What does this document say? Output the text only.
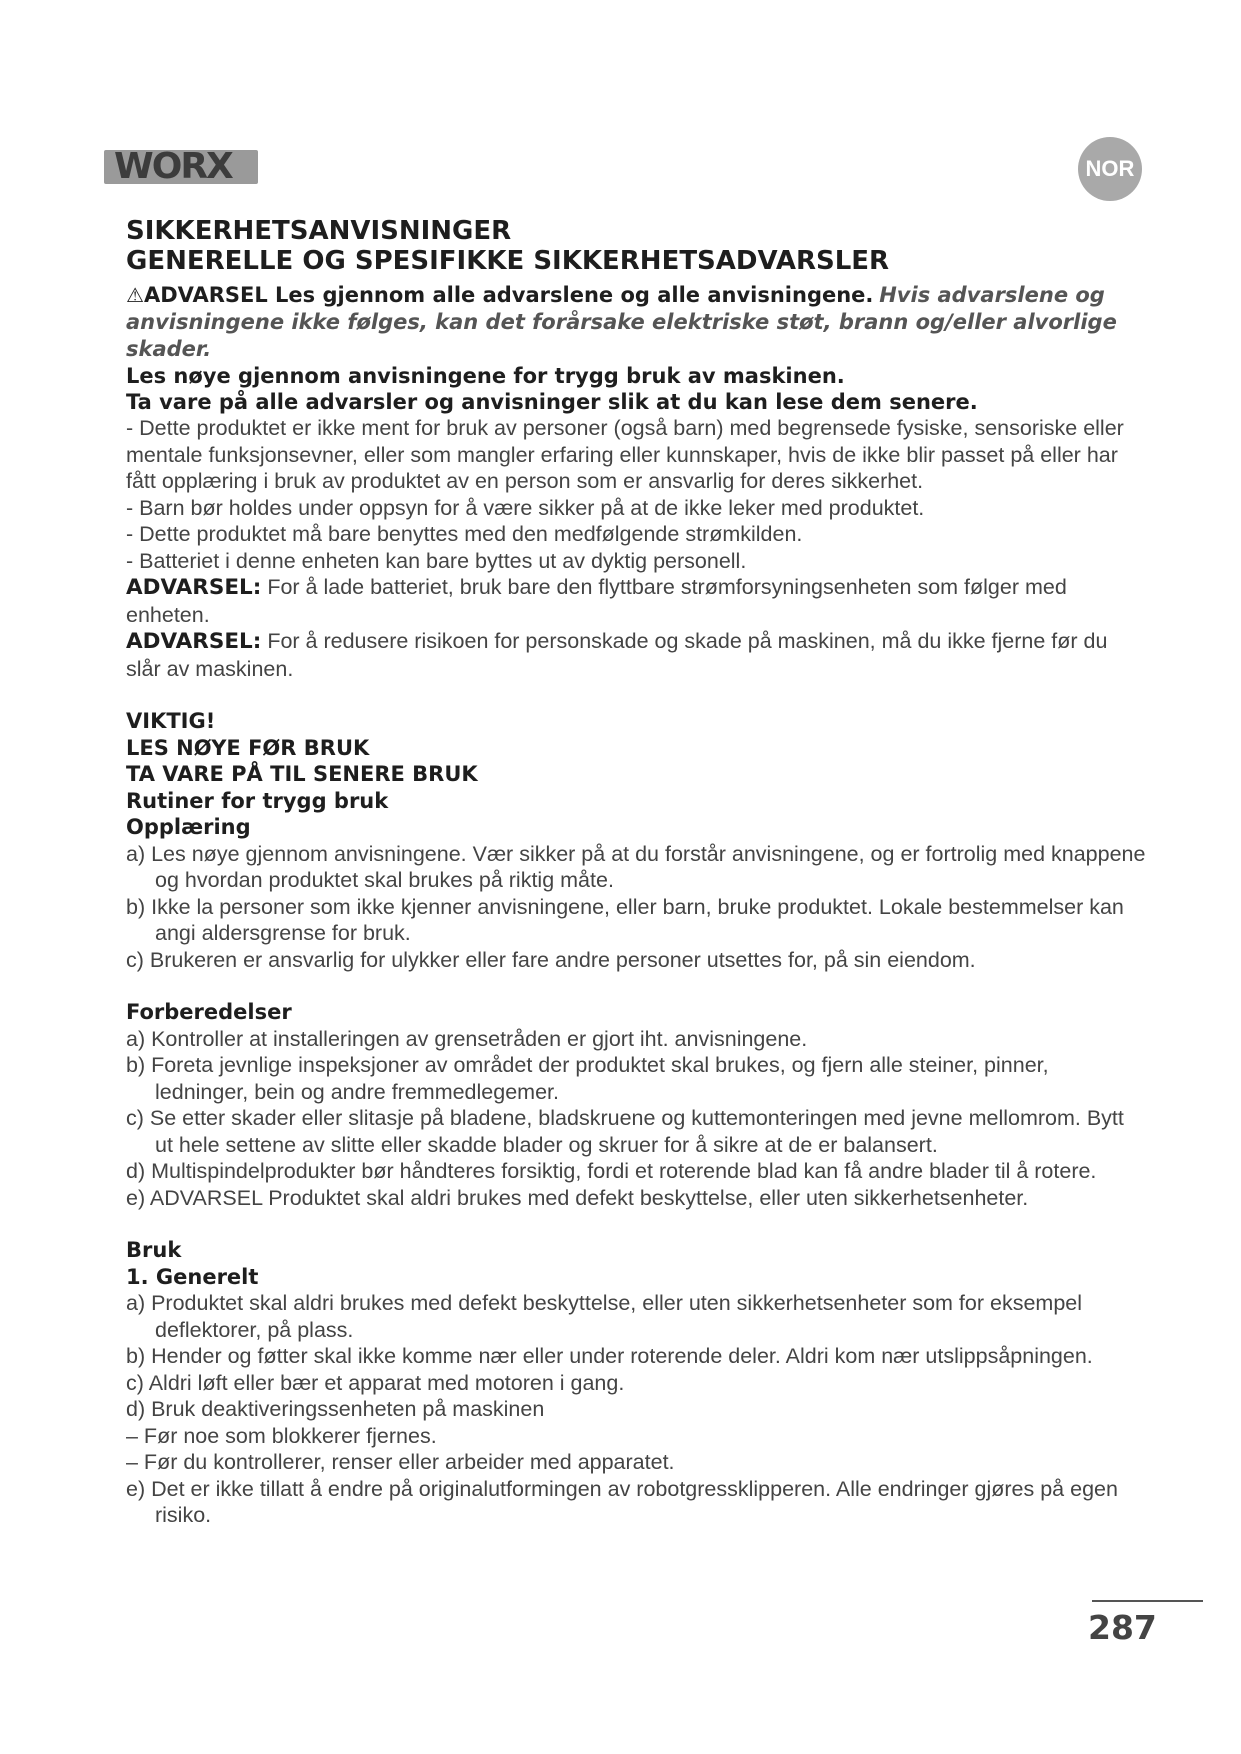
WORX	NOR
SIKKERHETSANVISNINGER
GENERELLE OG SPESIFIKKE SIKKERHETSADVARSLER

⚠ADVARSEL Les gjennom alle advarslene og alle anvisningene. Hvis advarslene og anvisningene ikke følges, kan det forårsake elektriske støt, brann og/eller alvorlige skader.

Les nøye gjennom anvisningene for trygg bruk av maskinen.

Ta vare på alle advarsler og anvisninger slik at du kan lese dem senere.

- Dette produktet er ikke ment for bruk av personer (også barn) med begrensede fysiske, sensoriske eller mentale funksjonsevner, eller som mangler erfaring eller kunnskaper, hvis de ikke blir passet på eller har fått opplæring i bruk av produktet av en person som er ansvarlig for deres sikkerhet.

- Barn bør holdes under oppsyn for å være sikker på at de ikke leker med produktet.

- Dette produktet må bare benyttes med den medfølgende strømkilden.

- Batteriet i denne enheten kan bare byttes ut av dyktig personell.

ADVARSEL: For å lade batteriet, bruk bare den flyttbare strømforsyningsenheten som følger med enheten.

ADVARSEL: For å redusere risikoen for personskade og skade på maskinen, må du ikke fjerne før du slår av maskinen.

VIKTIG!

LES NØYE FØR BRUK

TA VARE PÅ TIL SENERE BRUK

Rutiner for trygg bruk

Opplæring

a) Les nøye gjennom anvisningene. Vær sikker på at du forstår anvisningene, og er fortrolig med knappene og hvordan produktet skal brukes på riktig måte.

b) Ikke la personer som ikke kjenner anvisningene, eller barn, bruke produktet. Lokale bestemmelser kan angi aldersgrense for bruk.

c) Brukeren er ansvarlig for ulykker eller fare andre personer utsettes for, på sin eiendom.

Forberedelser

a) Kontroller at installeringen av grensetråden er gjort iht. anvisningene.

b) Foreta jevnlige inspeksjoner av området der produktet skal brukes, og fjern alle steiner, pinner, ledninger, bein og andre fremmedlegemer.

c) Se etter skader eller slitasje på bladene, bladskruene og kuttemonteringen med jevne mellomrom. Bytt ut hele settene av slitte eller skadde blader og skruer for å sikre at de er balansert.

d) Multispindelprodukter bør håndteres forsiktig, fordi et roterende blad kan få andre blader til å rotere.

e) ADVARSEL Produktet skal aldri brukes med defekt beskyttelse, eller uten sikkerhetsenheter.

Bruk

1. Generelt

a) Produktet skal aldri brukes med defekt beskyttelse, eller uten sikkerhetsenheter som for eksempel deflektorer, på plass.

b) Hender og føtter skal ikke komme nær eller under roterende deler. Aldri kom nær utslippsåpningen.

c) Aldri løft eller bær et apparat med motoren i gang.

d) Bruk deaktiveringssenheten på maskinen

– Før noe som blokkerer fjernes.

– Før du kontrollerer, renser eller arbeider med apparatet.

e) Det er ikke tillatt å endre på originalutformingen av robotgressklipperen. Alle endringer gjøres på egen risiko.

287
